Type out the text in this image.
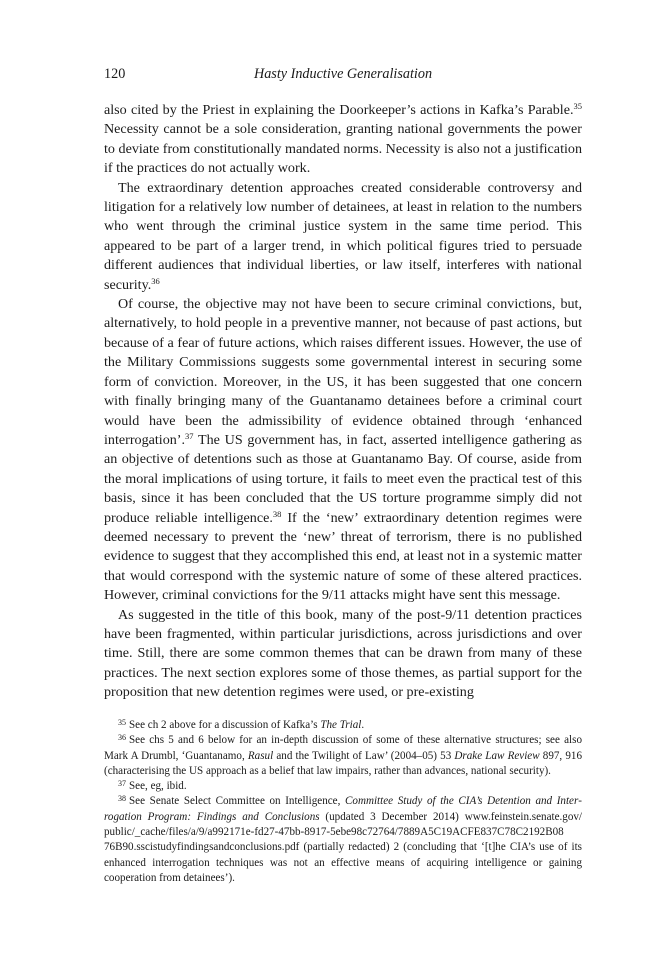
120	Hasty Inductive Generalisation

also cited by the Priest in explaining the Doorkeeper’s actions in Kafka’s Parable.$^{35}$ Necessity cannot be a sole consideration, granting national governments the power to deviate from constitutionally mandated norms. Necessity is also not a justification if the practices do not actually work.

The extraordinary detention approaches created considerable controversy and litigation for a relatively low number of detainees, at least in relation to the numbers who went through the criminal justice system in the same time period. This appeared to be part of a larger trend, in which political figures tried to persuade different audiences that individual liberties, or law itself, interferes with national security.$^{36}$

Of course, the objective may not have been to secure criminal convictions, but, alternatively, to hold people in a preventive manner, not because of past actions, but because of a fear of future actions, which raises different issues. However, the use of the Military Commissions suggests some governmental interest in securing some form of conviction. Moreover, in the US, it has been suggested that one concern with finally bringing many of the Guantanamo detainees before a criminal court would have been the admissibility of evidence obtained through ‘enhanced interrogation’.$^{37}$ The US government has, in fact, asserted intelligence gathering as an objective of detentions such as those at Guantanamo Bay. Of course, aside from the moral implications of using torture, it fails to meet even the practical test of this basis, since it has been concluded that the US torture programme simply did not produce reliable intelligence.$^{38}$ If the ‘new’ extraordinary detention regimes were deemed necessary to prevent the ‘new’ threat of terrorism, there is no published evidence to suggest that they accomplished this end, at least not in a systemic matter that would correspond with the systemic nature of some of these altered practices. However, criminal convictions for the 9/11 attacks might have sent this message.

As suggested in the title of this book, many of the post-9/11 detention practices have been fragmented, within particular jurisdictions, across jurisdictions and over time. Still, there are some common themes that can be drawn from many of these practices. The next section explores some of those themes, as partial support for the proposition that new detention regimes were used, or pre-existing

$^{35}$ See ch 2 above for a discussion of Kafka’s The Trial.

$^{36}$ See chs 5 and 6 below for an in-depth discussion of some of these alternative structures; see also Mark A Drumbl, ‘Guantanamo, Rasul and the Twilight of Law’ (2004–05) 53 Drake Law Review 897, 916 (characterising the US approach as a belief that law impairs, rather than advances, national security).

$^{37}$ See, eg, ibid.

$^{38}$ See Senate Select Committee on Intelligence, Committee Study of the CIA’s Detention and Interrogation Program: Findings and Conclusions (updated 3 December 2014) www.feinstein.senate.gov/ public/_cache/files/a/9/a992171e-fd27-47bb-8917-5ebe98c72764/7889A5C19ACFE837C78C2192B08 76B90.sscistudyfindingsandconclusions.pdf (partially redacted) 2 (concluding that ‘[t]he CIA’s use of its enhanced interrogation techniques was not an effective means of acquiring intelligence or gaining cooperation from detainees’).
